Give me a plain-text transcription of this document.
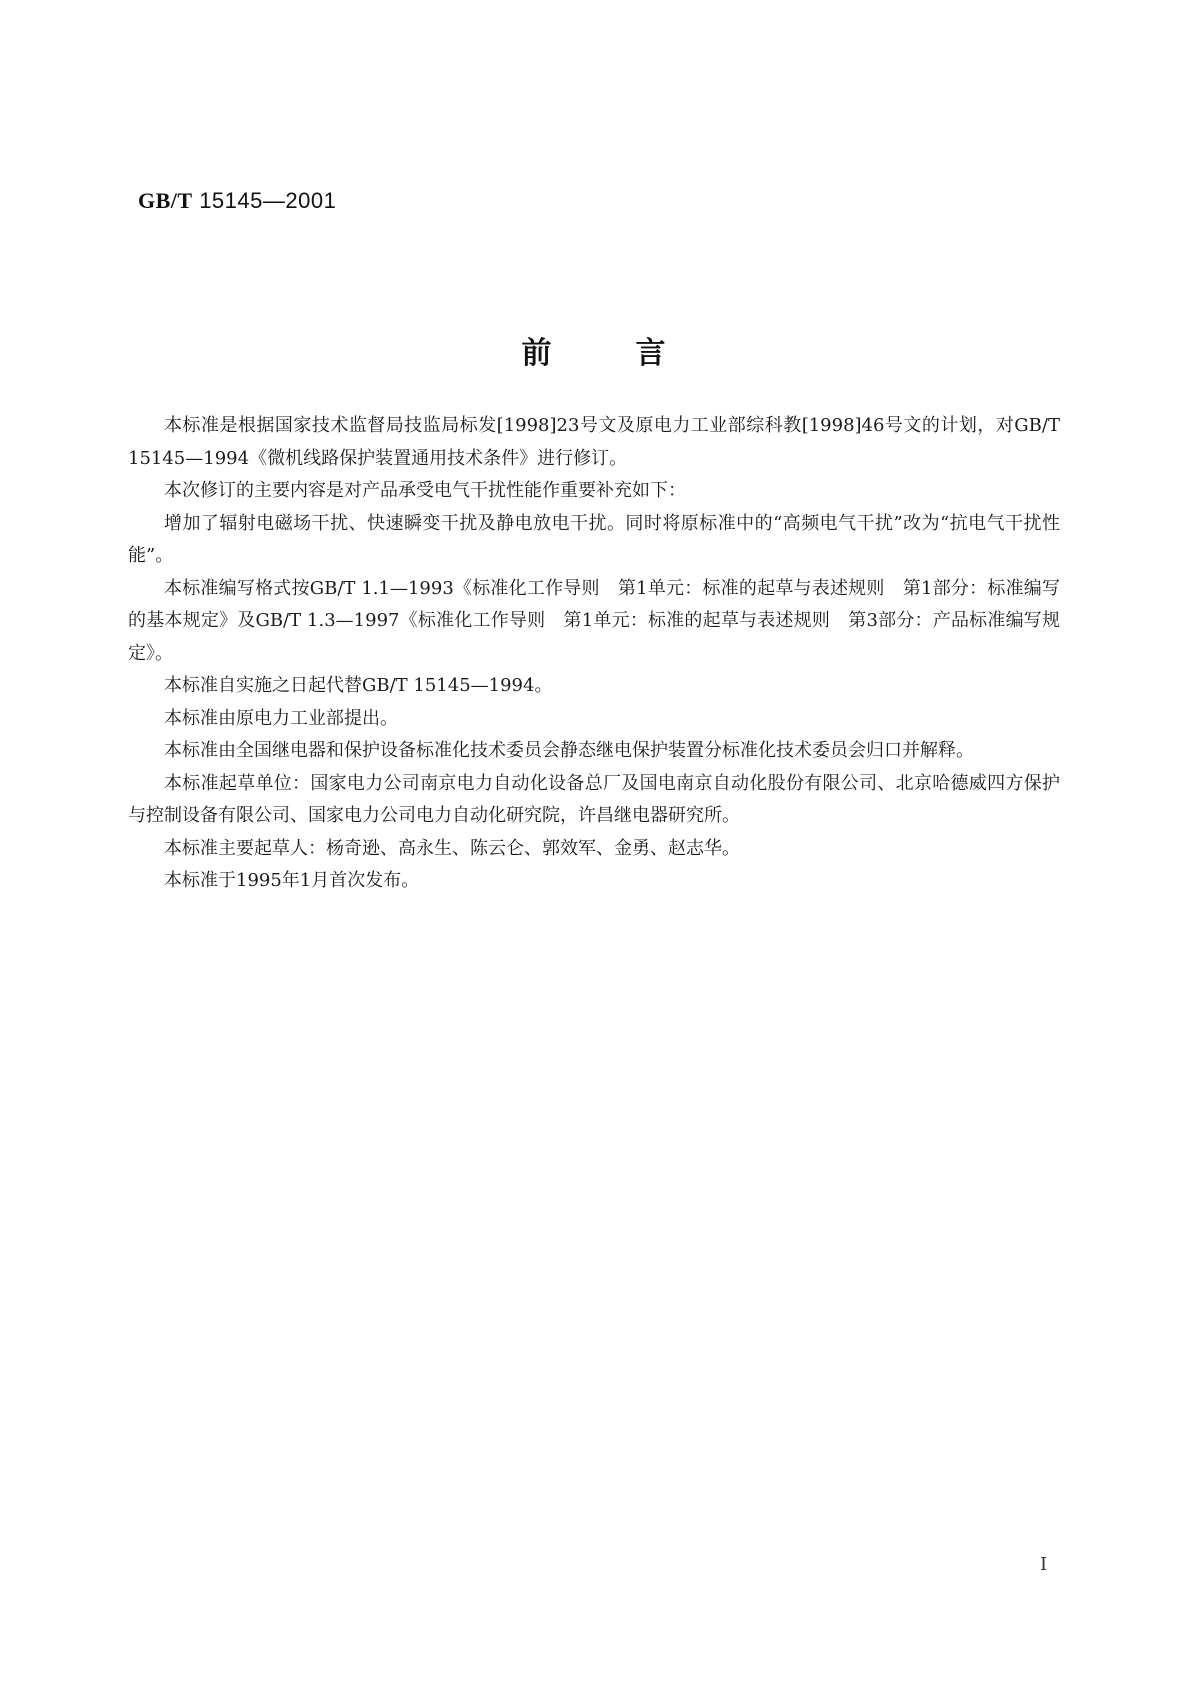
GB/T 15145—2001
前	言

本标准是根据国家技术监督局技监局标发[1998]23号文及原电力工业部综科教[1998]46号文的计划，对GB/T 15145—1994《微机线路保护装置通用技术条件》进行修订。

本次修订的主要内容是对产品承受电气干扰性能作重要补充如下：

增加了辐射电磁场干扰、快速瞬变干扰及静电放电干扰。同时将原标准中的“高频电气干扰”改为“抗电气干扰性能”。

本标准编写格式按GB/T 1.1—1993《标准化工作导则　第1单元：标准的起草与表述规则　第1部分：标准编写的基本规定》及GB/T 1.3—1997《标准化工作导则　第1单元：标准的起草与表述规则　第3部分：产品标准编写规定》。

本标准自实施之日起代替GB/T 15145—1994。

本标准由原电力工业部提出。

本标准由全国继电器和保护设备标准化技术委员会静态继电保护装置分标准化技术委员会归口并解释。

本标准起草单位：国家电力公司南京电力自动化设备总厂及国电南京自动化股份有限公司、北京哈德威四方保护与控制设备有限公司、国家电力公司电力自动化研究院，许昌继电器研究所。

本标准主要起草人：杨奇逊、高永生、陈云仑、郭效军、金勇、赵志华。

本标准于1995年1月首次发布。

I
